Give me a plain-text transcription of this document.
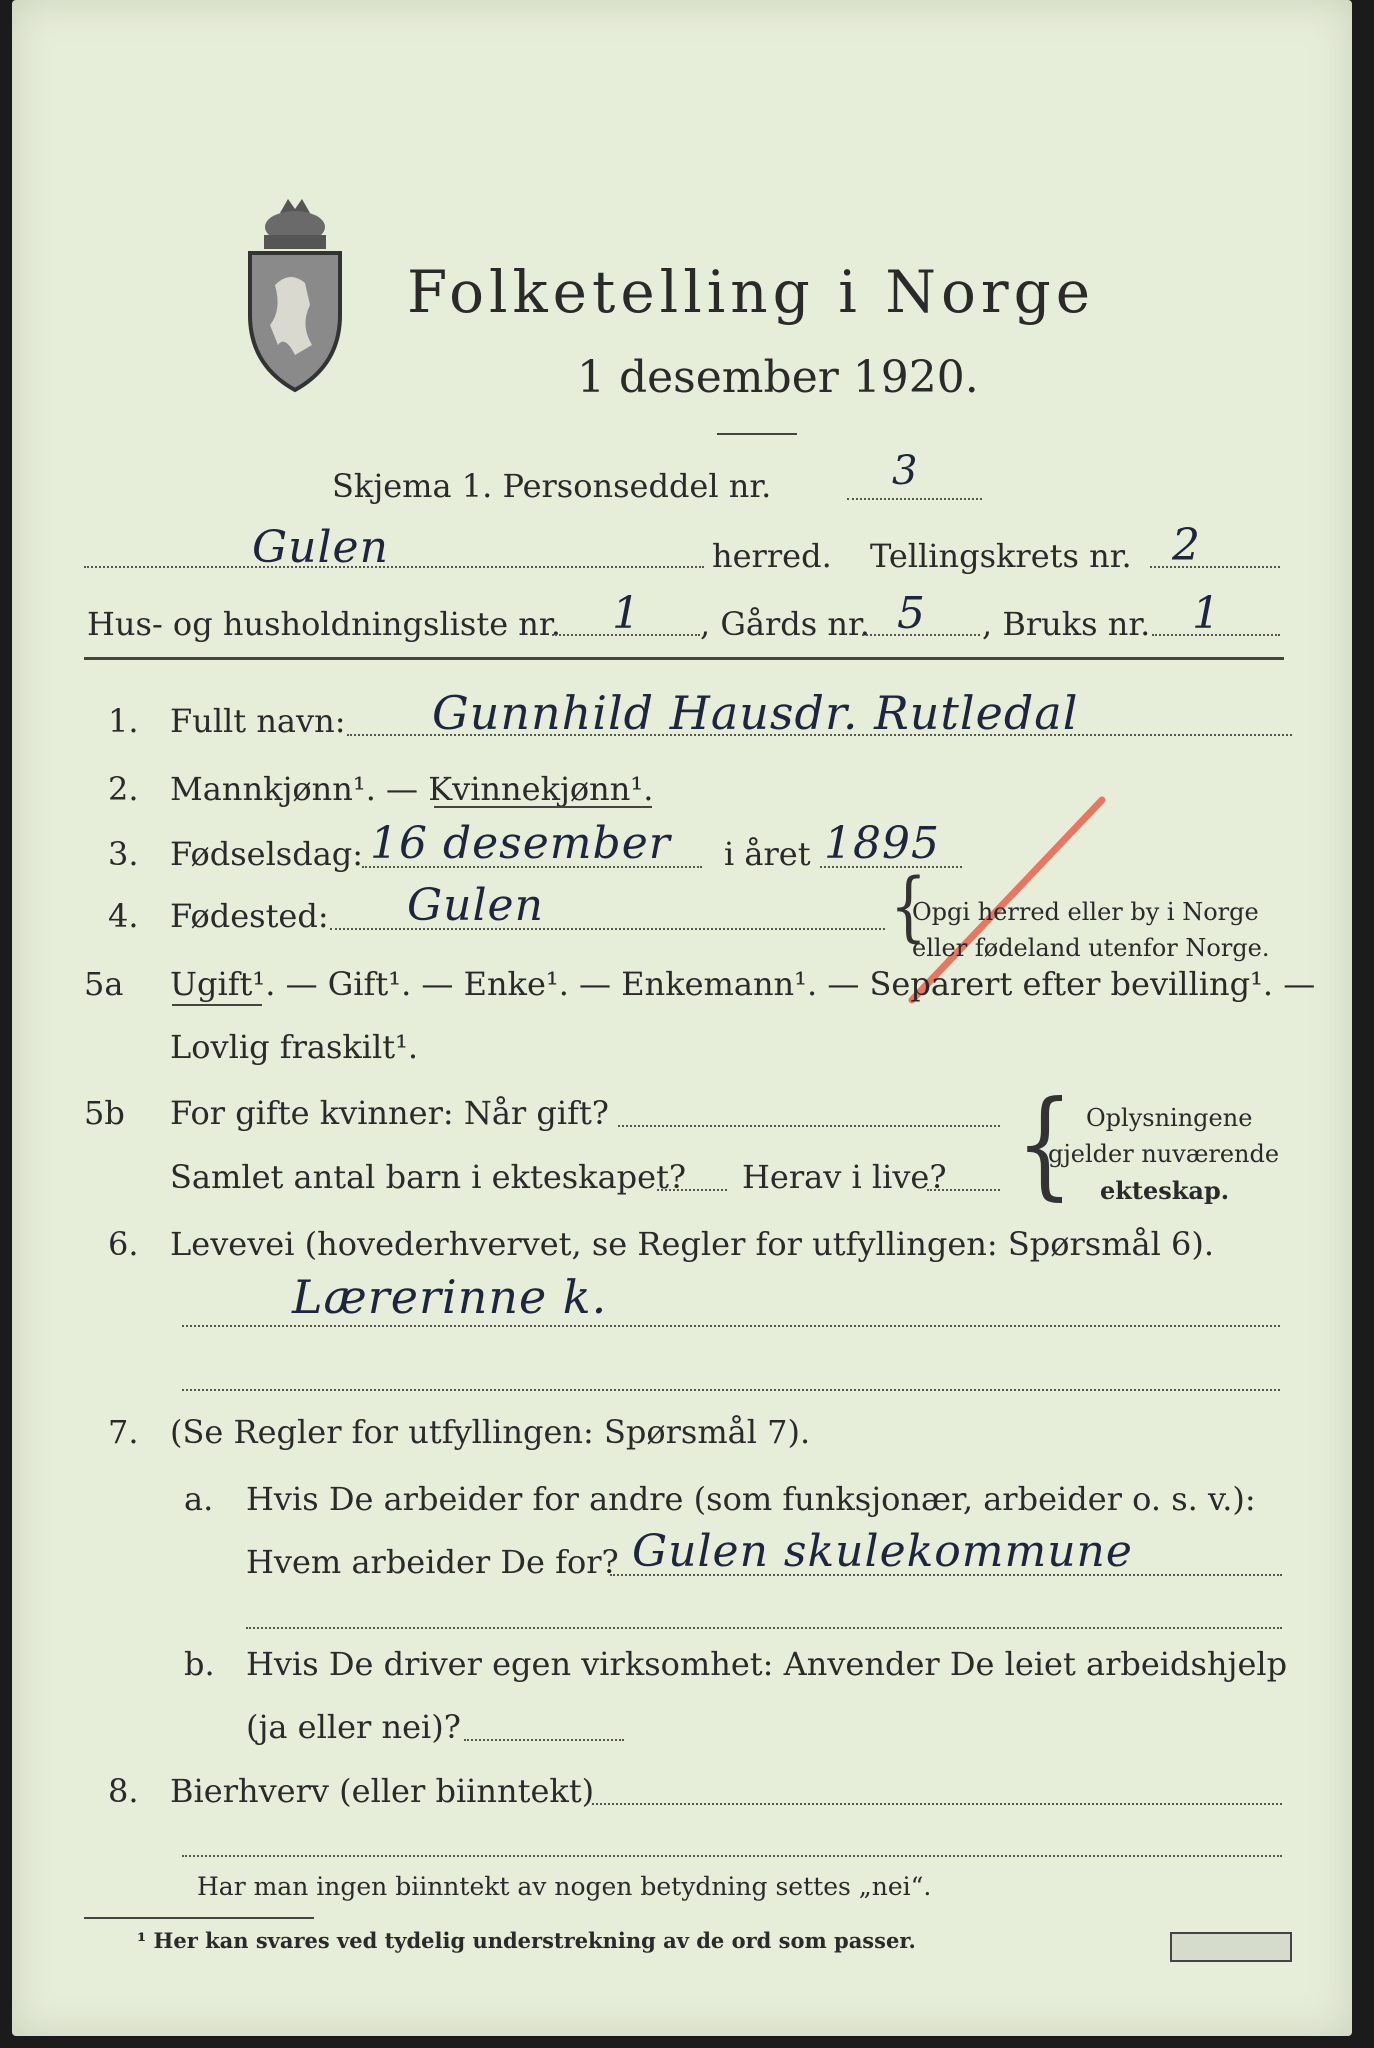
Folketelling i Norge
1 desember 1920.
Skjema 1. Personseddel nr.	3
Gulen	herred. Tellingskrets nr. 2
Hus- og husholdningsliste nr. 1 , Gårds nr. 5 , Bruks nr. 1
1. Fullt navn: Gunnhild Hausdr. Rutledal
2. Mannkjønn¹. — Kvinnekjønn¹.
3. Fødselsdag: 16 desember i året 1895
4. Fødested: Gulen	{
Opgi herred eller by i Norge
eller fødeland utenfor Norge.
5a Ugift¹. — Gift¹. — Enke¹. — Enkemann¹. — Separert efter bevilling¹. —
Lovlig fraskilt¹.
5b For gifte kvinner: Når gift?
Samlet antal barn i ekteskapet? Herav i live? { Oplysningene
gjelder nuværende
ekteskap.
6. Levevei (hovederhvervet, se Regler for utfyllingen: Spørsmål 6).
Lærerinne k.
7. (Se Regler for utfyllingen: Spørsmål 7).
a. Hvis De arbeider for andre (som funksjonær, arbeider o. s. v.):
Hvem arbeider De for? Gulen skulekommune
b. Hvis De driver egen virksomhet: Anvender De leiet arbeidshjelp
(ja eller nei)?
8. Bierhverv (eller biinntekt)
Har man ingen biinntekt av nogen betydning settes „nei“.
¹ Her kan svares ved tydelig understrekning av de ord som passer.
